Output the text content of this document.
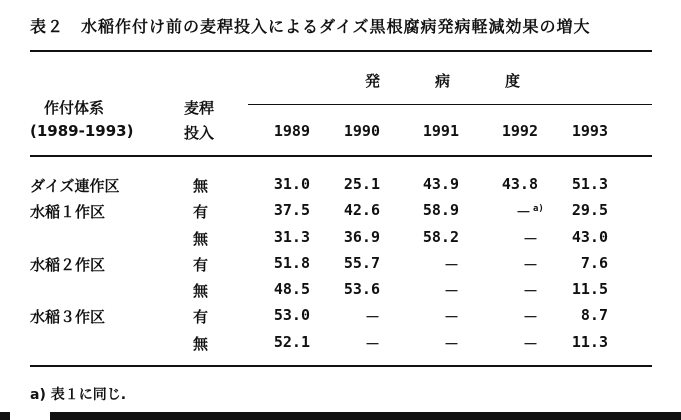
表２　水稲作付け前の麦稈投入によるダイズ黒根腐病発病軽減効果の増大
作付体系
(1989-1993)
麦稈
投入
発　病　度
1989 1990	1991	1992 1993
ダイズ連作区	無	31.0	25.1	43.9	43.8	51.3
水稲１作区	有	37.5	42.6	58.9	－ $^{a)}$	29.5
無	31.3	36.9	58.2	－	43.0
水稲２作区	有	51.8	55.7	－	－	7.6
無	48.5	53.6	－	－	11.5
水稲３作区	有	53.0	－	－	－	8.7
無	52.1	－	－	－	11.3
a) 表１に同じ.
